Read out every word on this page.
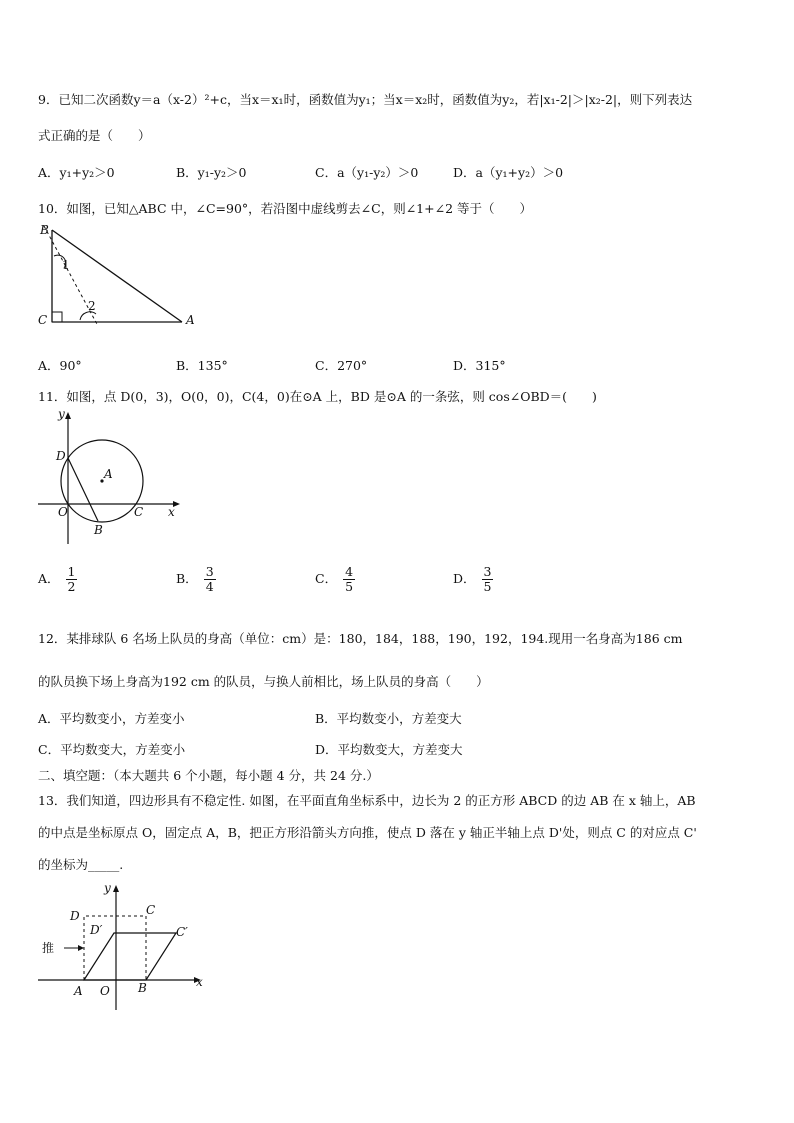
9．已知二次函数y＝a（x-2）²+c，当x＝x₁时，函数值为y₁；当x＝x₂时，函数值为y₂，若|x₁-2|＞|x₂-2|，则下列表达
式正确的是（　　）
A．y₁+y₂＞0	B．y₁-y₂＞0	C．a（y₁-y₂）＞0	D．a（y₁+y₂）＞0
10．如图，已知△ABC 中，∠C=90°，若沿图中虚线剪去∠C，则∠1+∠2 等于（　　）
B
C	A
1
2
A．90°	B．135°	C．270°	D．315°
11．如图，点 D(0，3)，O(0，0)，C(4，0)在⊙A 上，BD 是⊙A 的一条弦，则 cos∠OBD＝(　　)
y
D
A
O	C x
B
A． $\frac{1}{2}$	B． $\frac{3}{4}$	C． $\frac{4}{5}$	D． $\frac{3}{5}$
12．某排球队 6 名场上队员的身高（单位：cm）是：180，184，188，190，192，194.现用一名身高为186 cm
的队员换下场上身高为192 cm 的队员，与换人前相比，场上队员的身高（　　）
A．平均数变小，方差变小	B．平均数变小，方差变大
C．平均数变大，方差变小	D．平均数变大，方差变大
二、填空题：（本大题共 6 个小题，每小题 4 分，共 24 分.）
13．我们知道，四边形具有不稳定性. 如图，在平面直角坐标系中，边长为 2 的正方形 ABCD 的边 AB 在 x 轴上，AB
的中点是坐标原点 O，固定点 A，B，把正方形沿箭头方向推，使点 D 落在 y 轴正半轴上点 D'处，则点 C 的对应点 C'
的坐标为_____.
y
D	C
D′	C′
推
A O B	x
